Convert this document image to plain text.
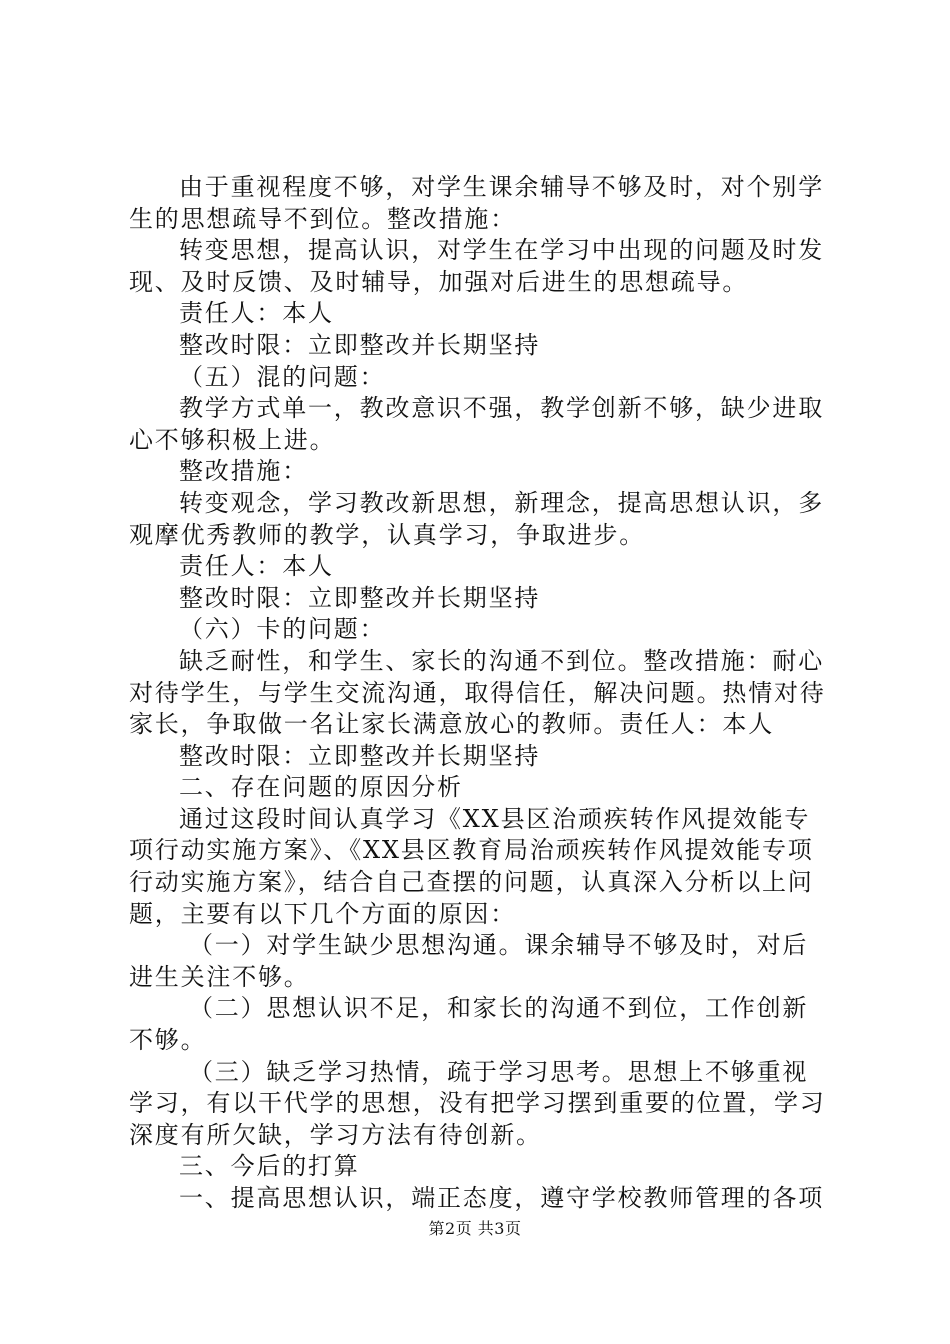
由于重视程度不够，对学生课余辅导不够及时，对个别学生的思想疏导不到位。整改措施：

转变思想，提高认识，对学生在学习中出现的问题及时发现、及时反馈、及时辅导，加强对后进生的思想疏导。

责任人：本人

整改时限：立即整改并长期坚持

（五）混的问题：

教学方式单一，教改意识不强，教学创新不够，缺少进取心不够积极上进。

整改措施：

转变观念，学习教改新思想，新理念，提高思想认识，多观摩优秀教师的教学，认真学习，争取进步。

责任人：本人

整改时限：立即整改并长期坚持

（六）卡的问题：

缺乏耐性，和学生、家长的沟通不到位。整改措施：耐心对待学生，与学生交流沟通，取得信任，解决问题。热情对待家长，争取做一名让家长满意放心的教师。责任人：本人

整改时限：立即整改并长期坚持

二、存在问题的原因分析

通过这段时间认真学习《XX县区治顽疾转作风提效能专项行动实施方案》、《XX县区教育局治顽疾转作风提效能专项行动实施方案》，结合自己查摆的问题，认真深入分析以上问题，主要有以下几个方面的原因：

（一）对学生缺少思想沟通。课余辅导不够及时，对后进生关注不够。

（二）思想认识不足，和家长的沟通不到位，工作创新不够。

（三）缺乏学习热情，疏于学习思考。思想上不够重视学习，有以干代学的思想，没有把学习摆到重要的位置，学习深度有所欠缺，学习方法有待创新。

三、今后的打算

一、提高思想认识，端正态度，遵守学校教师管理的各项

第2页 共3页
